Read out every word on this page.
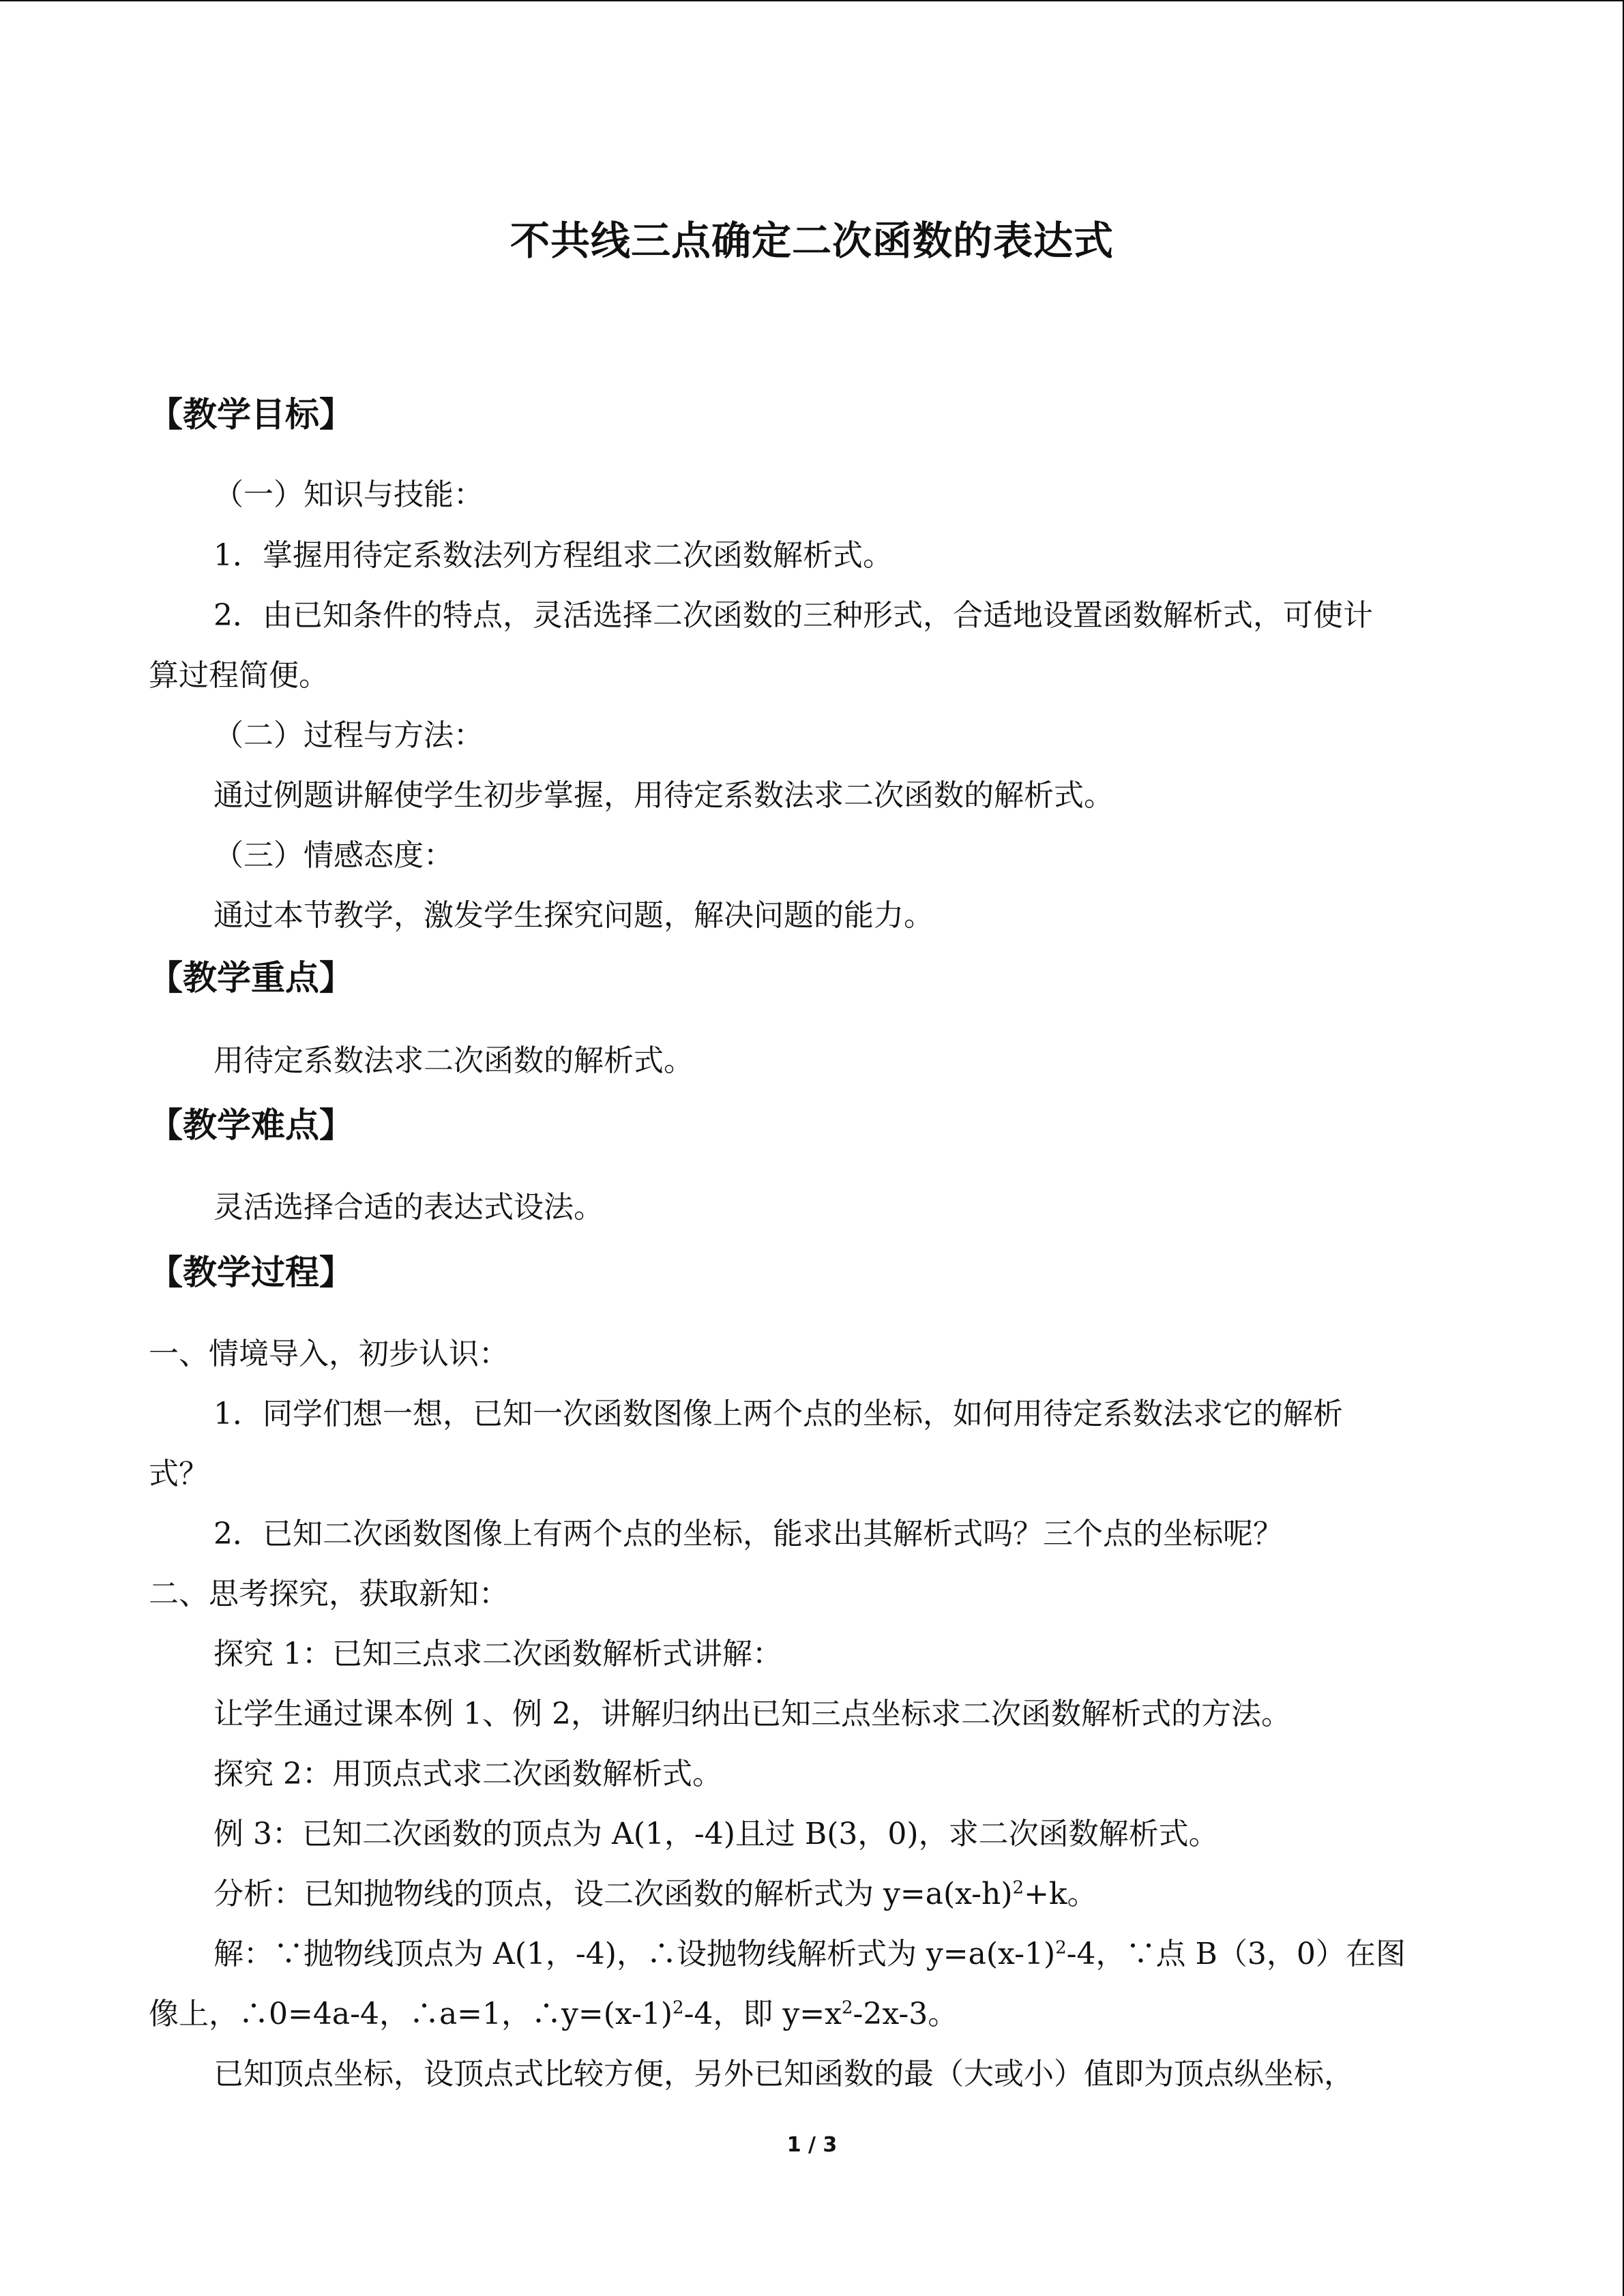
不共线三点确定二次函数的表达式
【教学目标】
（一）知识与技能：
1．掌握用待定系数法列方程组求二次函数解析式。
2．由已知条件的特点，灵活选择二次函数的三种形式，合适地设置函数解析式，可使计
算过程简便。
（二）过程与方法：
通过例题讲解使学生初步掌握，用待定系数法求二次函数的解析式。
（三）情感态度：
通过本节教学，激发学生探究问题，解决问题的能力。
【教学重点】
用待定系数法求二次函数的解析式。
【教学难点】
灵活选择合适的表达式设法。
【教学过程】
一、情境导入，初步认识：
1．同学们想一想，已知一次函数图像上两个点的坐标，如何用待定系数法求它的解析
式？
2．已知二次函数图像上有两个点的坐标，能求出其解析式吗？三个点的坐标呢？
二、思考探究，获取新知：
探究 1：已知三点求二次函数解析式讲解：
让学生通过课本例 1、例 2，讲解归纳出已知三点坐标求二次函数解析式的方法。
探究 2：用顶点式求二次函数解析式。
例 3：已知二次函数的顶点为 A(1，-4)且过 B(3，0)，求二次函数解析式。
分析：已知抛物线的顶点，设二次函数的解析式为 $y=a(x-h)^2+k$。
解：∵抛物线顶点为 A(1，-4)，∴设抛物线解析式为 $y=a(x-1)^2-4$，∵点 B（3，0）在图
像上，∴0=4a-4，∴a=1，$\therefore y=(x-1)^2-4$，即 $y=x^2-2x-3$。
已知顶点坐标，设顶点式比较方便，另外已知函数的最（大或小）值即为顶点纵坐标，
1 / 3
